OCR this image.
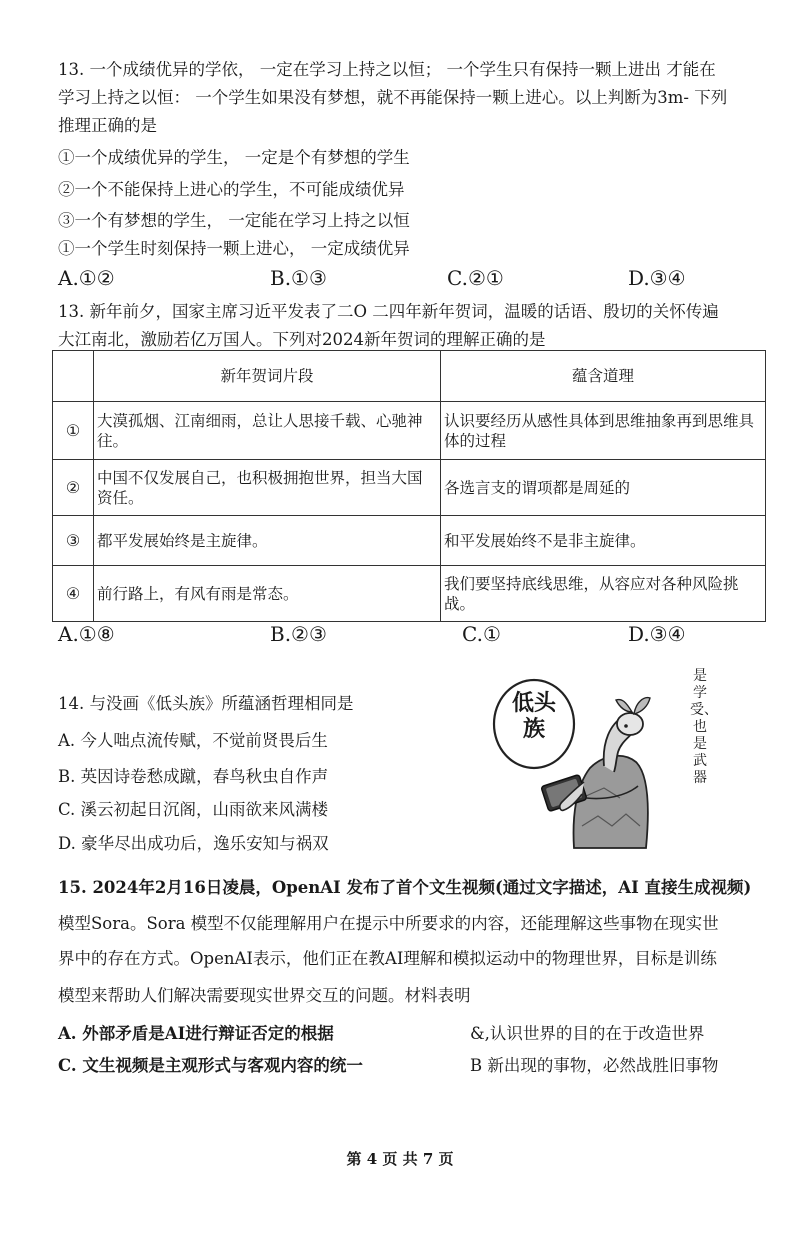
13. 一个成绩优异的学依， 一定在学习上持之以恒； 一个学生只有保持一颗上进出 才能在
学习上持之以恒： 一个学生如果没有梦想，就不再能保持一颗上进心。以上判断为3m- 下列
推理正确的是
①一个成绩优异的学生， 一定是个有梦想的学生
②一个不能保持上进心的学生，不可能成绩优异
③一个有梦想的学生， 一定能在学习上持之以恒
①一个学生时刻保持一颗上进心， 一定成绩优异
A.①②	B.①③	C.②①	D.③④
13. 新年前夕，国家主席习近平发表了二O 二四年新年贺词，温暖的话语、殷切的关怀传遍
大江南北，激励若亿万国人。下列对2024新年贺词的理解正确的是
	新年贺词片段	蕴含道理
①	大漠孤烟、江南细雨，总让人思接千载、心驰神往。	认识要经历从感性具体到思维抽象再到思维具体的过程
②	中国不仅发展自己，也积极拥抱世界，担当大国资任。	各选言支的谓项都是周延的
③	都平发展始终是主旋律。	和平发展始终不是非主旋律。
④	前行路上，有风有雨是常态。	我们要坚持底线思维，从容应对各种风险挑战。
A.①⑧	B.②③	C.①	D.③④
14. 与没画《低头族》所蕴涵哲理相同是
A. 今人咄点流传赋，不觉前贤畏后生
B. 英因诗卷愁成蹴，春鸟秋虫自作声
C. 溪云初起日沉阁，山雨欲来风满楼
D. 豪华尽出成功后，逸乐安知与祸双
低头族
是学受、也是武器
15. 2024年2月16日凌晨，OpenAI 发布了首个文生视频(通过文字描述，AI 直接生成视频)
模型Sora。Sora 模型不仅能理解用户在提示中所要求的内容，还能理解这些事物在现实世
界中的存在方式。OpenAI表示，他们正在教AI理解和模拟运动中的物理世界，目标是训练
模型来帮助人们解决需要现实世界交互的问题。材料表明
A. 外部矛盾是AI进行辩证否定的根据	&,认识世界的目的在于改造世界
C. 文生视频是主观形式与客观内容的统一	B 新出现的事物，必然战胜旧事物
第 4 页 共 7 页
